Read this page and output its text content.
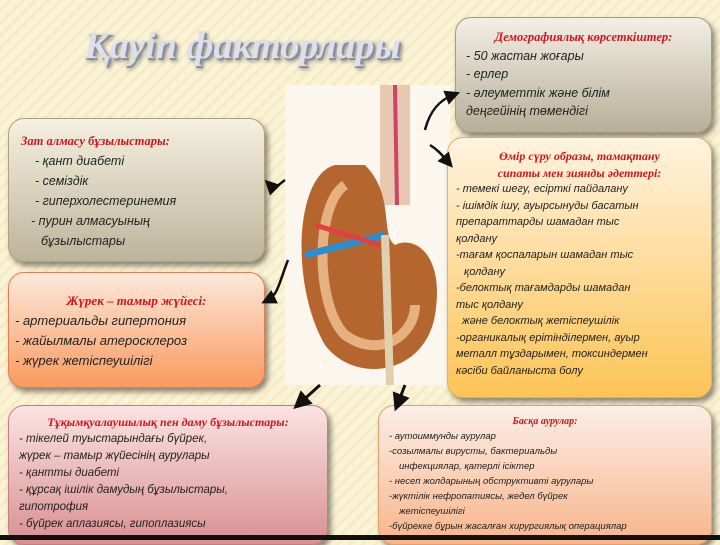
Қауіп факторлары
Зат алмасу бұзылыстары:
- қант диабеті
- семіздік
- гиперхолестеринемия
- пурин алмасуының
бұзылыстары
Жүрек – тамыр жүйесі:
- артериальды гипертония
- жайылмалы атеросклероз
- жүрек жетіспеушілігі
Демографиялық көрсеткіштер:
- 50 жастан жоғары
- ерлер
- әлеуметтік және білім
деңгейінің төмендігі
Өмір сүру образы, тамақтану
сипаты мен зиянды әдеттері:
- темекі шегу, есірткі пайдалану
- ішімдік ішу, ауырсынуды басатын
препараттарды шамадан тыс
қолдану
-тағам қоспаларын шамадан тыс
қолдану
-белоктық тағамдарды шамадан
тыс қолдану
және белоктық жетіспеушілік
-органикалық ерітінділермен, ауыр
металл тұздарымен, токсиндермен
кәсіби байланыста болу
Тұқымқуалаушылық пен даму бұзылыстары:
- тікелей туыстарындағы бүйрек,
жүрек – тамыр жүйесінің аурулары
- қантты диабеті
- құрсақ ішілік дамудың бұзылыстары,
гипотрофия
- бүйрек аплазиясы, гипоплазиясы
Басқа аурулар:
- аутоиммунды аурулар
-созылмалы вирусты, бактериальды
инфекциялар, қатерлі ісіктер
- несеп жолдарының обструктивті аурулары
-жүктілік нефропатиясы, жедел бүйрек
жетіспеушілігі
-бүйрекке бұрын жасалған хирургиялық операциялар
